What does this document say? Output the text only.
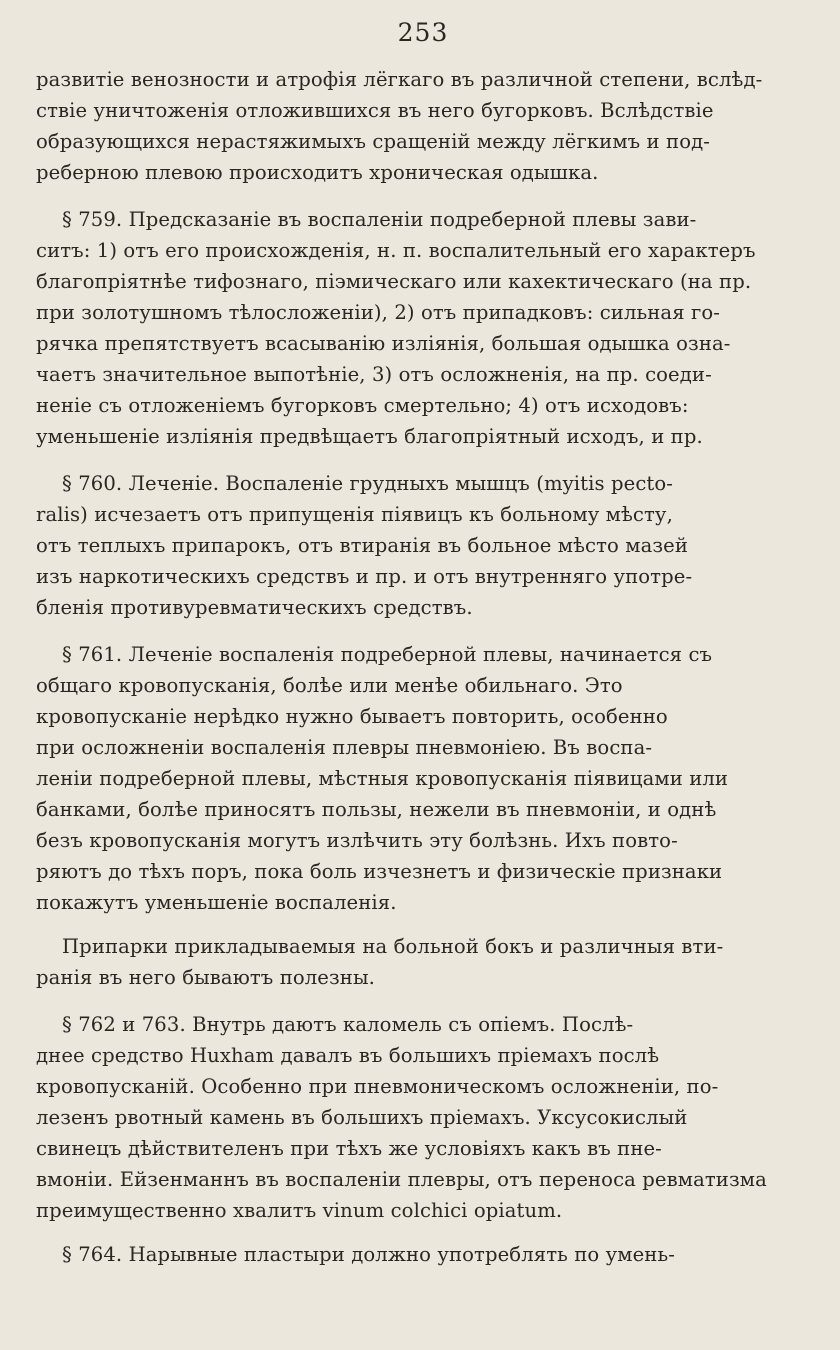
253
развитіе венозности и атрофія лёгкаго въ различной степени, вслѣд-
ствіе уничтоженія отложившихся въ него бугорковъ. Вслѣдствіе
образующихся нерастяжимыхъ сращеній между лёгкимъ и под-
реберною плевою происходитъ хроническая одышка.
§ 759. Предсказаніе въ воспаленіи подреберной плевы зави-
ситъ: 1) отъ его происхожденія, н. п. воспалительный его характеръ
благопріятнѣе тифознаго, піэмическаго или кахектическаго (на пр.
при золотушномъ тѣлосложеніи), 2) отъ припадковъ: сильная го-
рячка препятствуетъ всасыванію изліянія, большая одышка озна-
чаетъ значительное выпотѣніе, 3) отъ осложненія, на пр. соеди-
неніе съ отложеніемъ бугорковъ смертельно; 4) отъ исходовъ:
уменьшеніе изліянія предвѣщаетъ благопріятный исходъ, и пр.
§ 760. Леченіе. Воспаленіе грудныхъ мышцъ (myitis pecto-
ralis) исчезаетъ отъ припущенія піявицъ къ больному мѣсту,
отъ теплыхъ припарокъ, отъ втиранія въ больное мѣсто мазей
изъ наркотическихъ средствъ и пр. и отъ внутренняго употре-
бленія противуревматическихъ средствъ.
§ 761. Леченіе воспаленія подреберной плевы, начинается съ
общаго кровопусканія, болѣе или менѣе обильнаго. Это
кровопусканіе нерѣдко нужно бываетъ повторить, особенно
при осложненіи воспаленія плевры пневмоніею. Въ воспа-
леніи подреберной плевы, мѣстныя кровопусканія піявицами или
банками, болѣе приносятъ пользы, нежели въ пневмоніи, и однѣ
безъ кровопусканія могутъ излѣчить эту болѣзнь. Ихъ повто-
ряютъ до тѣхъ поръ, пока боль изчезнетъ и физическіе признаки
покажутъ уменьшеніе воспаленія.
Припарки прикладываемыя на больной бокъ и различныя вти-
ранія въ него бываютъ полезны.
§ 762 и 763. Внутрь даютъ каломель съ опіемъ. Послѣ-
днее средство Huxham давалъ въ большихъ пріемахъ послѣ
кровопусканій. Особенно при пневмоническомъ осложненіи, по-
лезенъ рвотный камень въ большихъ пріемахъ. Уксусокислый
свинецъ дѣйствителенъ при тѣхъ же условіяхъ какъ въ пне-
вмоніи. Ейзенманнъ въ воспаленіи плевры, отъ переноса ревматизма
преимущественно хвалитъ vinum colchici opiatum.
§ 764. Нарывные пластыри должно употреблять по умень-
